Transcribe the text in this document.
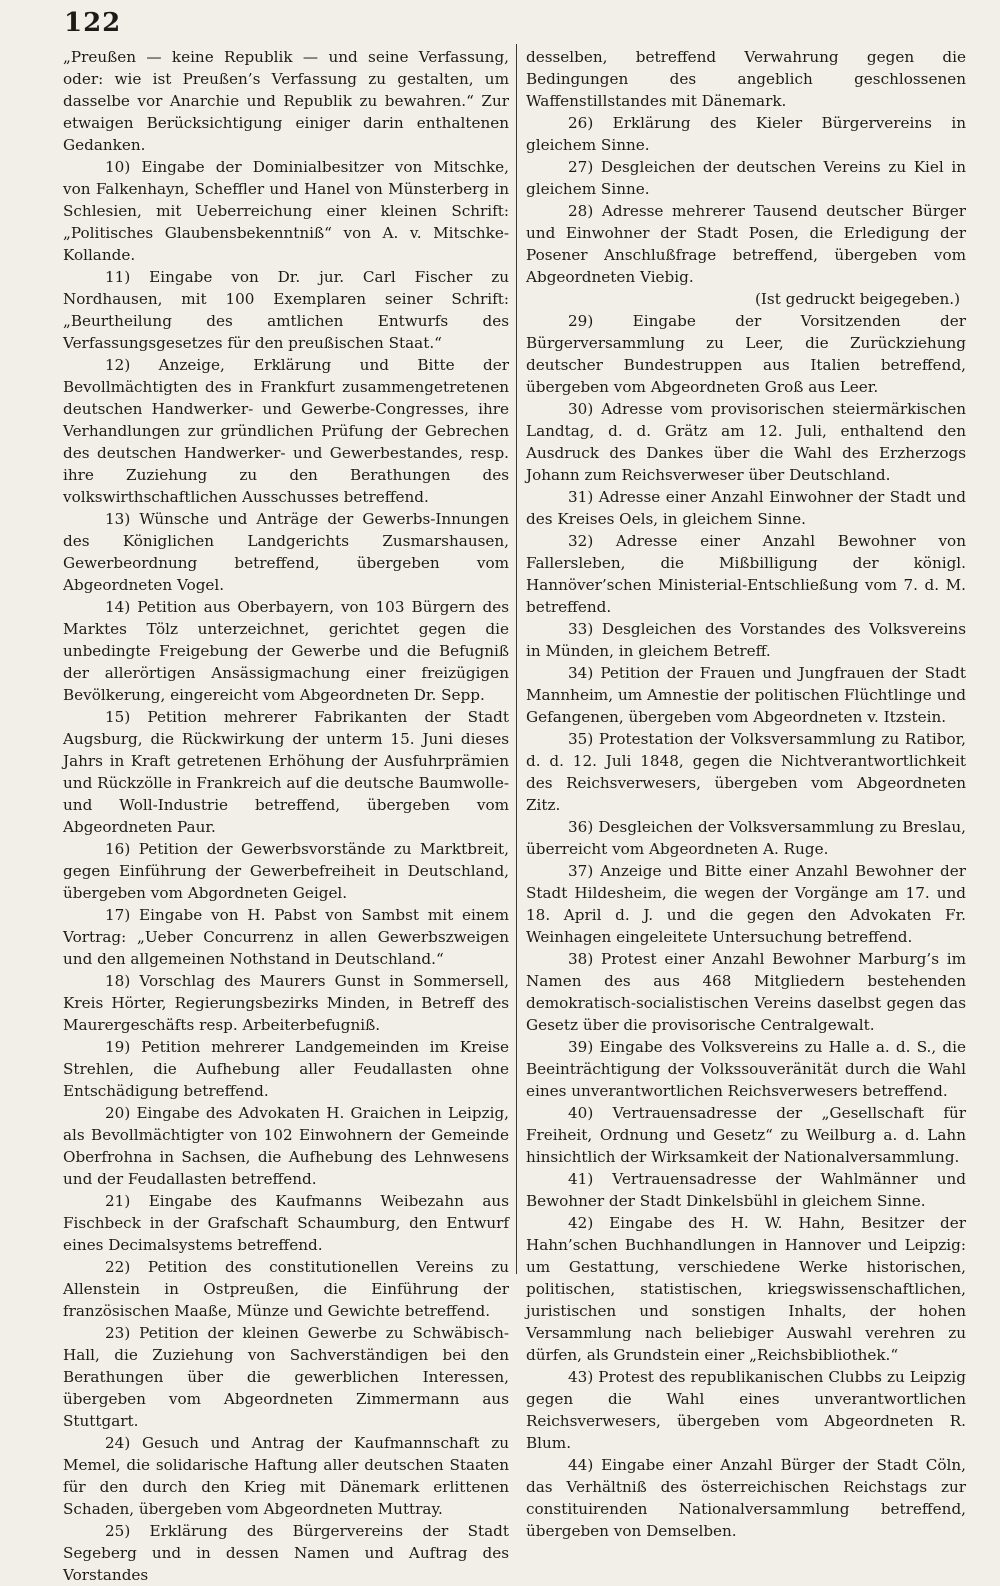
122

„Preußen — keine Republik — und seine Verfassung, oder: wie ist Preußen’s Verfassung zu gestalten, um dasselbe vor Anarchie und Republik zu bewahren.“ Zur etwaigen Berücksichtigung einiger darin enthaltenen Gedanken.

10) Eingabe der Dominialbesitzer von Mitschke, von Falkenhayn, Scheffler und Hanel von Münsterberg in Schlesien, mit Ueberreichung einer kleinen Schrift: „Politisches Glaubensbekenntniß“ von A. v. Mitschke-Kollande.

11) Eingabe von Dr. jur. Carl Fischer zu Nordhausen, mit 100 Exemplaren seiner Schrift: „Beurtheilung des amtlichen Entwurfs des Verfassungsgesetzes für den preußischen Staat.“

12) Anzeige, Erklärung und Bitte der Bevollmächtigten des in Frankfurt zusammengetretenen deutschen Handwerker- und Gewerbe-Congresses, ihre Verhandlungen zur gründlichen Prüfung der Gebrechen des deutschen Handwerker- und Gewerbestandes, resp. ihre Zuziehung zu den Berathungen des volkswirthschaftlichen Ausschusses betreffend.

13) Wünsche und Anträge der Gewerbs-Innungen des Königlichen Landgerichts Zusmarshausen, Gewerbeordnung betreffend, übergeben vom Abgeordneten Vogel.

14) Petition aus Oberbayern, von 103 Bürgern des Marktes Tölz unterzeichnet, gerichtet gegen die unbedingte Freigebung der Gewerbe und die Befugniß der allerörtigen Ansässigmachung einer freizügigen Bevölkerung, eingereicht vom Abgeordneten Dr. Sepp.

15) Petition mehrerer Fabrikanten der Stadt Augsburg, die Rückwirkung der unterm 15. Juni dieses Jahrs in Kraft getretenen Erhöhung der Ausfuhrprämien und Rückzölle in Frankreich auf die deutsche Baumwolle- und Woll-Industrie betreffend, übergeben vom Abgeordneten Paur.

16) Petition der Gewerbsvorstände zu Marktbreit, gegen Einführung der Gewerbefreiheit in Deutschland, übergeben vom Abgordneten Geigel.

17) Eingabe von H. Pabst von Sambst mit einem Vortrag: „Ueber Concurrenz in allen Gewerbszweigen und den allgemeinen Nothstand in Deutschland.“

18) Vorschlag des Maurers Gunst in Sommersell, Kreis Hörter, Regierungsbezirks Minden, in Betreff des Maurergeschäfts resp. Arbeiterbefugniß.

19) Petition mehrerer Landgemeinden im Kreise Strehlen, die Aufhebung aller Feudallasten ohne Entschädigung betreffend.

20) Eingabe des Advokaten H. Graichen in Leipzig, als Bevollmächtigter von 102 Einwohnern der Gemeinde Oberfrohna in Sachsen, die Aufhebung des Lehnwesens und der Feudallasten betreffend.

21) Eingabe des Kaufmanns Weibezahn aus Fischbeck in der Grafschaft Schaumburg, den Entwurf eines Decimalsystems betreffend.

22) Petition des constitutionellen Vereins zu Allenstein in Ostpreußen, die Einführung der französischen Maaße, Münze und Gewichte betreffend.

23) Petition der kleinen Gewerbe zu Schwäbisch-Hall, die Zuziehung von Sachverständigen bei den Berathungen über die gewerblichen Interessen, übergeben vom Abgeordneten Zimmermann aus Stuttgart.

24) Gesuch und Antrag der Kaufmannschaft zu Memel, die solidarische Haftung aller deutschen Staaten für den durch den Krieg mit Dänemark erlittenen Schaden, übergeben vom Abgeordneten Muttray.

25) Erklärung des Bürgervereins der Stadt Segeberg und in dessen Namen und Auftrag des Vorstandes

desselben, betreffend Verwahrung gegen die Bedingungen des angeblich geschlossenen Waffenstillstandes mit Dänemark.

26) Erklärung des Kieler Bürgervereins in gleichem Sinne.

27) Desgleichen der deutschen Vereins zu Kiel in gleichem Sinne.

28) Adresse mehrerer Tausend deutscher Bürger und Einwohner der Stadt Posen, die Erledigung der Posener Anschlußfrage betreffend, übergeben vom Abgeordneten Viebig.

(Ist gedruckt beigegeben.)

29) Eingabe der Vorsitzenden der Bürgerversammlung zu Leer, die Zurückziehung deutscher Bundestruppen aus Italien betreffend, übergeben vom Abgeordneten Groß aus Leer.

30) Adresse vom provisorischen steiermärkischen Landtag, d. d. Grätz am 12. Juli, enthaltend den Ausdruck des Dankes über die Wahl des Erzherzogs Johann zum Reichsverweser über Deutschland.

31) Adresse einer Anzahl Einwohner der Stadt und des Kreises Oels, in gleichem Sinne.

32) Adresse einer Anzahl Bewohner von Fallersleben, die Mißbilligung der königl. Hannöver’schen Ministerial-Entschließung vom 7. d. M. betreffend.

33) Desgleichen des Vorstandes des Volksvereins in Münden, in gleichem Betreff.

34) Petition der Frauen und Jungfrauen der Stadt Mannheim, um Amnestie der politischen Flüchtlinge und Gefangenen, übergeben vom Abgeordneten v. Itzstein.

35) Protestation der Volksversammlung zu Ratibor, d. d. 12. Juli 1848, gegen die Nichtverantwortlichkeit des Reichsverwesers, übergeben vom Abgeordneten Zitz.

36) Desgleichen der Volksversammlung zu Breslau, überreicht vom Abgeordneten A. Ruge.

37) Anzeige und Bitte einer Anzahl Bewohner der Stadt Hildesheim, die wegen der Vorgänge am 17. und 18. April d. J. und die gegen den Advokaten Fr. Weinhagen eingeleitete Untersuchung betreffend.

38) Protest einer Anzahl Bewohner Marburg’s im Namen des aus 468 Mitgliedern bestehenden demokratisch-socialistischen Vereins daselbst gegen das Gesetz über die provisorische Centralgewalt.

39) Eingabe des Volksvereins zu Halle a. d. S., die Beeinträchtigung der Volkssouveränität durch die Wahl eines unverantwortlichen Reichsverwesers betreffend.

40) Vertrauensadresse der „Gesellschaft für Freiheit, Ordnung und Gesetz“ zu Weilburg a. d. Lahn hinsichtlich der Wirksamkeit der Nationalversammlung.

41) Vertrauensadresse der Wahlmänner und Bewohner der Stadt Dinkelsbühl in gleichem Sinne.

42) Eingabe des H. W. Hahn, Besitzer der Hahn’schen Buchhandlungen in Hannover und Leipzig: um Gestattung, verschiedene Werke historischen, politischen, statistischen, kriegswissenschaftlichen, juristischen und sonstigen Inhalts, der hohen Versammlung nach beliebiger Auswahl verehren zu dürfen, als Grundstein einer „Reichsbibliothek.“

43) Protest des republikanischen Clubbs zu Leipzig gegen die Wahl eines unverantwortlichen Reichsverwesers, übergeben vom Abgeordneten R. Blum.

44) Eingabe einer Anzahl Bürger der Stadt Cöln, das Verhältniß des österreichischen Reichstags zur constituirenden Nationalversammlung betreffend, übergeben von Demselben.
